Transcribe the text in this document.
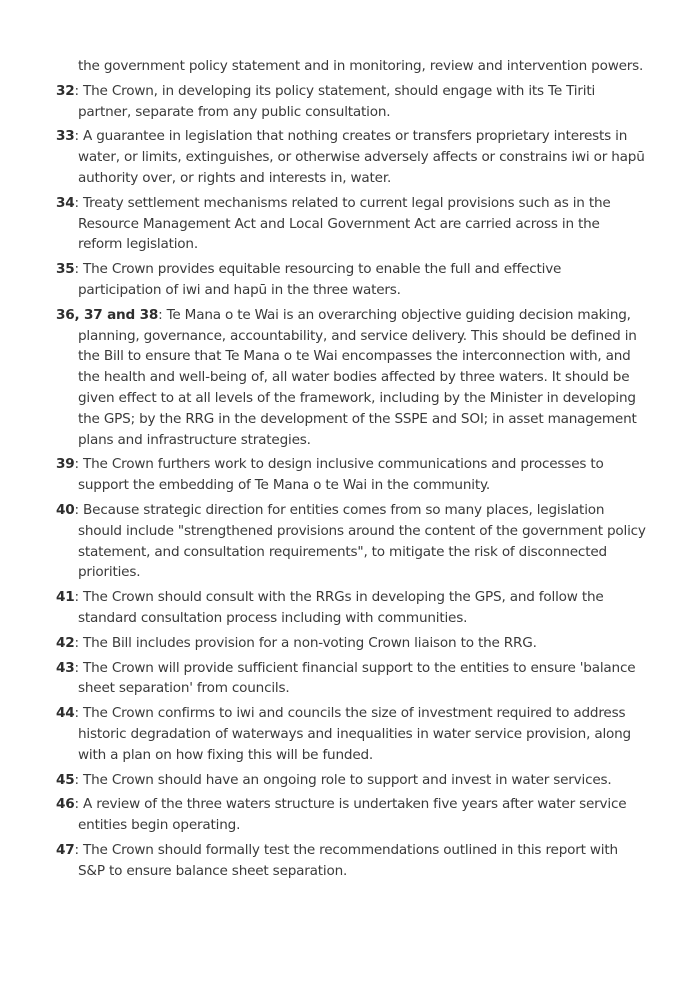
the government policy statement and in monitoring, review and intervention powers.

32: The Crown, in developing its policy statement, should engage with its Te Tiriti partner, separate from any public consultation.

33: A guarantee in legislation that nothing creates or transfers proprietary interests in water, or limits, extinguishes, or otherwise adversely affects or constrains iwi or hapū authority over, or rights and interests in, water.

34: Treaty settlement mechanisms related to current legal provisions such as in the Resource Management Act and Local Government Act are carried across in the reform legislation.

35: The Crown provides equitable resourcing to enable the full and effective participation of iwi and hapū in the three waters.

36, 37 and 38: Te Mana o te Wai is an overarching objective guiding decision making, planning, governance, accountability, and service delivery. This should be defined in the Bill to ensure that Te Mana o te Wai encompasses the interconnection with, and the health and well-being of, all water bodies affected by three waters. It should be given effect to at all levels of the framework, including by the Minister in developing the GPS; by the RRG in the development of the SSPE and SOI; in asset management plans and infrastructure strategies.

39: The Crown furthers work to design inclusive communications and processes to support the embedding of Te Mana o te Wai in the community.

40: Because strategic direction for entities comes from so many places, legislation should include "strengthened provisions around the content of the government policy statement, and consultation requirements", to mitigate the risk of disconnected priorities.

41: The Crown should consult with the RRGs in developing the GPS, and follow the standard consultation process including with communities.

42: The Bill includes provision for a non-voting Crown liaison to the RRG.

43: The Crown will provide sufficient financial support to the entities to ensure 'balance sheet separation' from councils.

44: The Crown confirms to iwi and councils the size of investment required to address historic degradation of waterways and inequalities in water service provision, along with a plan on how fixing this will be funded.

45: The Crown should have an ongoing role to support and invest in water services.

46: A review of the three waters structure is undertaken five years after water service entities begin operating.

47: The Crown should formally test the recommendations outlined in this report with S&P to ensure balance sheet separation.
